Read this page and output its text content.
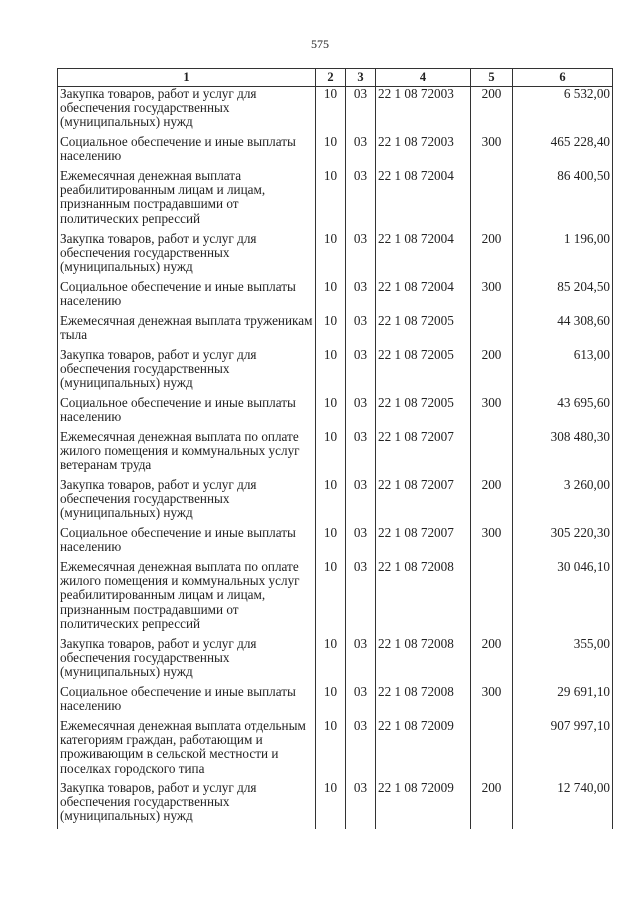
575
1	2	3	4	5	6
Закупка товаров, работ и услуг для обеспечения государственных (муниципальных) нужд	10	03	22 1 08 72003	200	6 532,00
Социальное обеспечение и иные выплаты населению	10	03	22 1 08 72003	300	465 228,40
Ежемесячная денежная выплата реабилитированным лицам и лицам, признанным пострадавшими от политических репрессий	10	03	22 1 08 72004		86 400,50
Закупка товаров, работ и услуг для обеспечения государственных (муниципальных) нужд	10	03	22 1 08 72004	200	1 196,00
Социальное обеспечение и иные выплаты населению	10	03	22 1 08 72004	300	85 204,50
Ежемесячная денежная выплата труженикам тыла	10	03	22 1 08 72005		44 308,60
Закупка товаров, работ и услуг для обеспечения государственных (муниципальных) нужд	10	03	22 1 08 72005	200	613,00
Социальное обеспечение и иные выплаты населению	10	03	22 1 08 72005	300	43 695,60
Ежемесячная денежная выплата по оплате жилого помещения и коммунальных услуг ветеранам труда	10	03	22 1 08 72007		308 480,30
Закупка товаров, работ и услуг для обеспечения государственных (муниципальных) нужд	10	03	22 1 08 72007	200	3 260,00
Социальное обеспечение и иные выплаты населению	10	03	22 1 08 72007	300	305 220,30
Ежемесячная денежная выплата по оплате жилого помещения и коммунальных услуг реабилитированным лицам и лицам, признанным пострадавшими от политических репрессий	10	03	22 1 08 72008		30 046,10
Закупка товаров, работ и услуг для обеспечения государственных (муниципальных) нужд	10	03	22 1 08 72008	200	355,00
Социальное обеспечение и иные выплаты населению	10	03	22 1 08 72008	300	29 691,10
Ежемесячная денежная выплата отдельным категориям граждан, работающим и проживающим в сельской местности и поселках городского типа	10	03	22 1 08 72009		907 997,10
Закупка товаров, работ и услуг для обеспечения государственных (муниципальных) нужд	10	03	22 1 08 72009	200	12 740,00
